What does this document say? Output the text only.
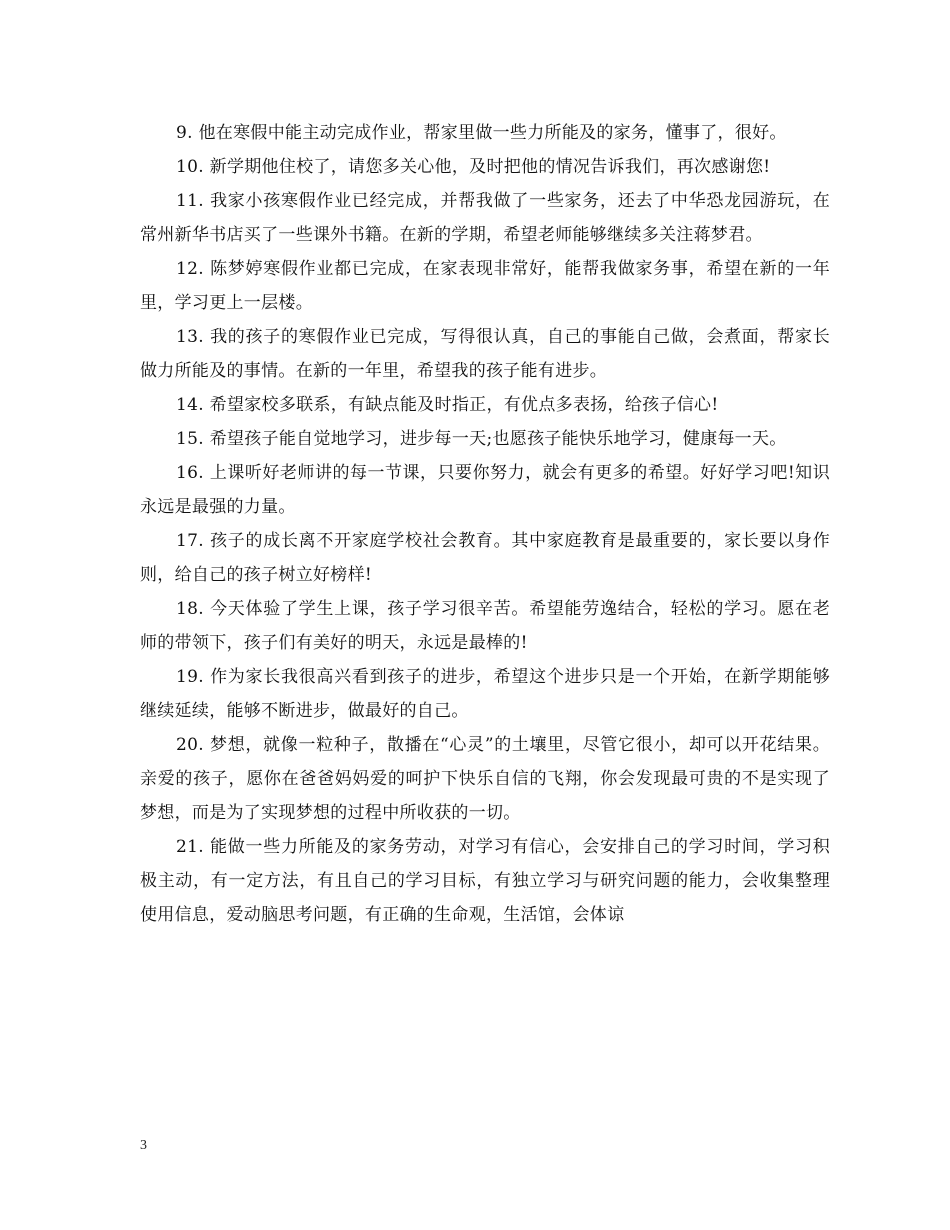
9. 他在寒假中能主动完成作业，帮家里做一些力所能及的家务，懂事了，很好。

10. 新学期他住校了，请您多关心他，及时把他的情况告诉我们，再次感谢您!

11. 我家小孩寒假作业已经完成，并帮我做了一些家务，还去了中华恐龙园游玩，在常州新华书店买了一些课外书籍。在新的学期，希望老师能够继续多关注蒋梦君。

12. 陈梦婷寒假作业都已完成，在家表现非常好，能帮我做家务事，希望在新的一年里，学习更上一层楼。

13. 我的孩子的寒假作业已完成，写得很认真，自己的事能自己做，会煮面，帮家长做力所能及的事情。在新的一年里，希望我的孩子能有进步。

14. 希望家校多联系，有缺点能及时指正，有优点多表扬，给孩子信心!

15. 希望孩子能自觉地学习，进步每一天;也愿孩子能快乐地学习，健康每一天。

16. 上课听好老师讲的每一节课，只要你努力，就会有更多的希望。好好学习吧!知识永远是最强的力量。

17. 孩子的成长离不开家庭学校社会教育。其中家庭教育是最重要的，家长要以身作则，给自己的孩子树立好榜样!

18. 今天体验了学生上课，孩子学习很辛苦。希望能劳逸结合，轻松的学习。愿在老师的带领下，孩子们有美好的明天，永远是最棒的!

19. 作为家长我很高兴看到孩子的进步，希望这个进步只是一个开始，在新学期能够继续延续，能够不断进步，做最好的自己。

20. 梦想，就像一粒种子，散播在“心灵”的土壤里，尽管它很小，却可以开花结果。亲爱的孩子，愿你在爸爸妈妈爱的呵护下快乐自信的飞翔，你会发现最可贵的不是实现了梦想，而是为了实现梦想的过程中所收获的一切。

21. 能做一些力所能及的家务劳动，对学习有信心，会安排自己的学习时间，学习积极主动，有一定方法，有且自己的学习目标，有独立学习与研究问题的能力，会收集整理使用信息，爱动脑思考问题，有正确的生命观，生活馆，会体谅

3
